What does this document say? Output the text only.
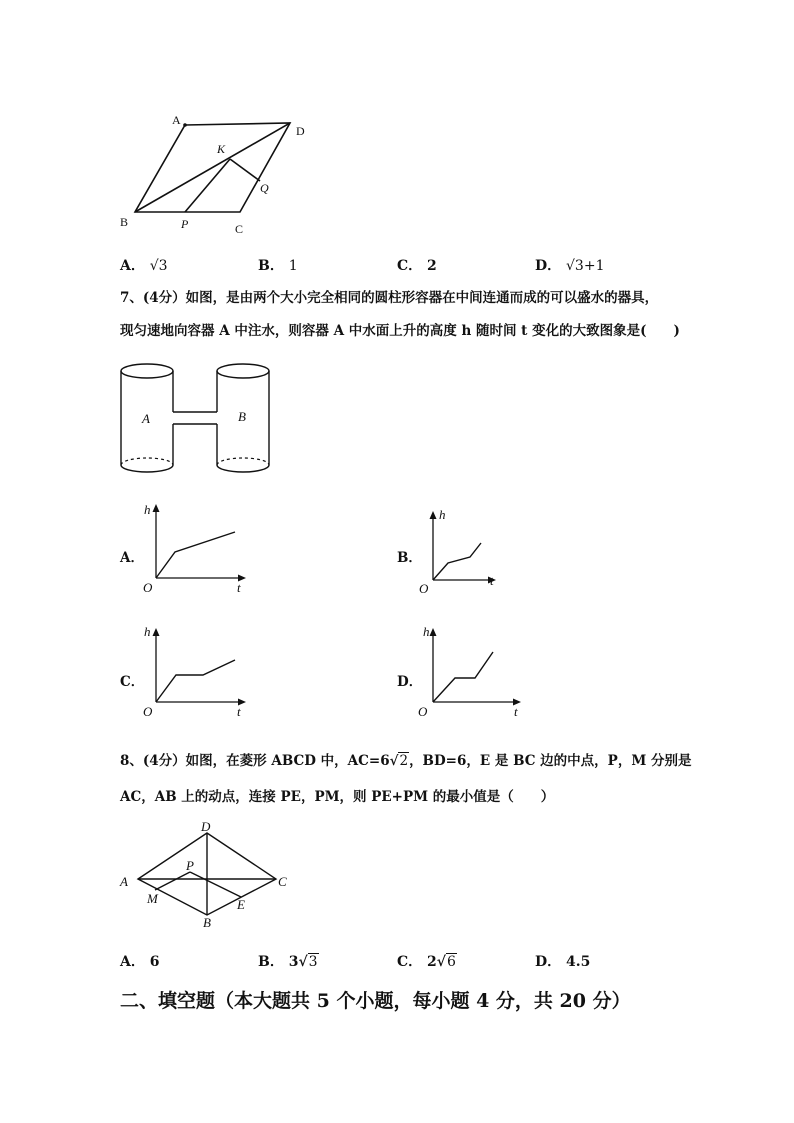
A
D
K
Q
B	P	C
A． √3	B． 1	C． 2	D． √3+1
7、(4分）如图，是由两个大小完全相同的圆柱形容器在中间连通而成的可以盛水的器具，
现匀速地向容器 A 中注水，则容器 A 中水面上升的高度 h 随时间 t 变化的大致图象是(　　)
A	B
A．
h
t
O
B．
h
t
O
C．
h
t
O
D．
h
t
O
8、(4分）如图，在菱形 ABCD 中，AC=6√2，BD=6，E 是 BC 边的中点，P，M 分别是
AC，AB 上的动点，连接 PE，PM，则 PE+PM 的最小值是（　　）
D
P
A	C
M	E
B
A． 6	B． 3√3	C． 2√6	D． 4.5
二、填空题（本大题共 5 个小题，每小题 4 分，共 20 分）
